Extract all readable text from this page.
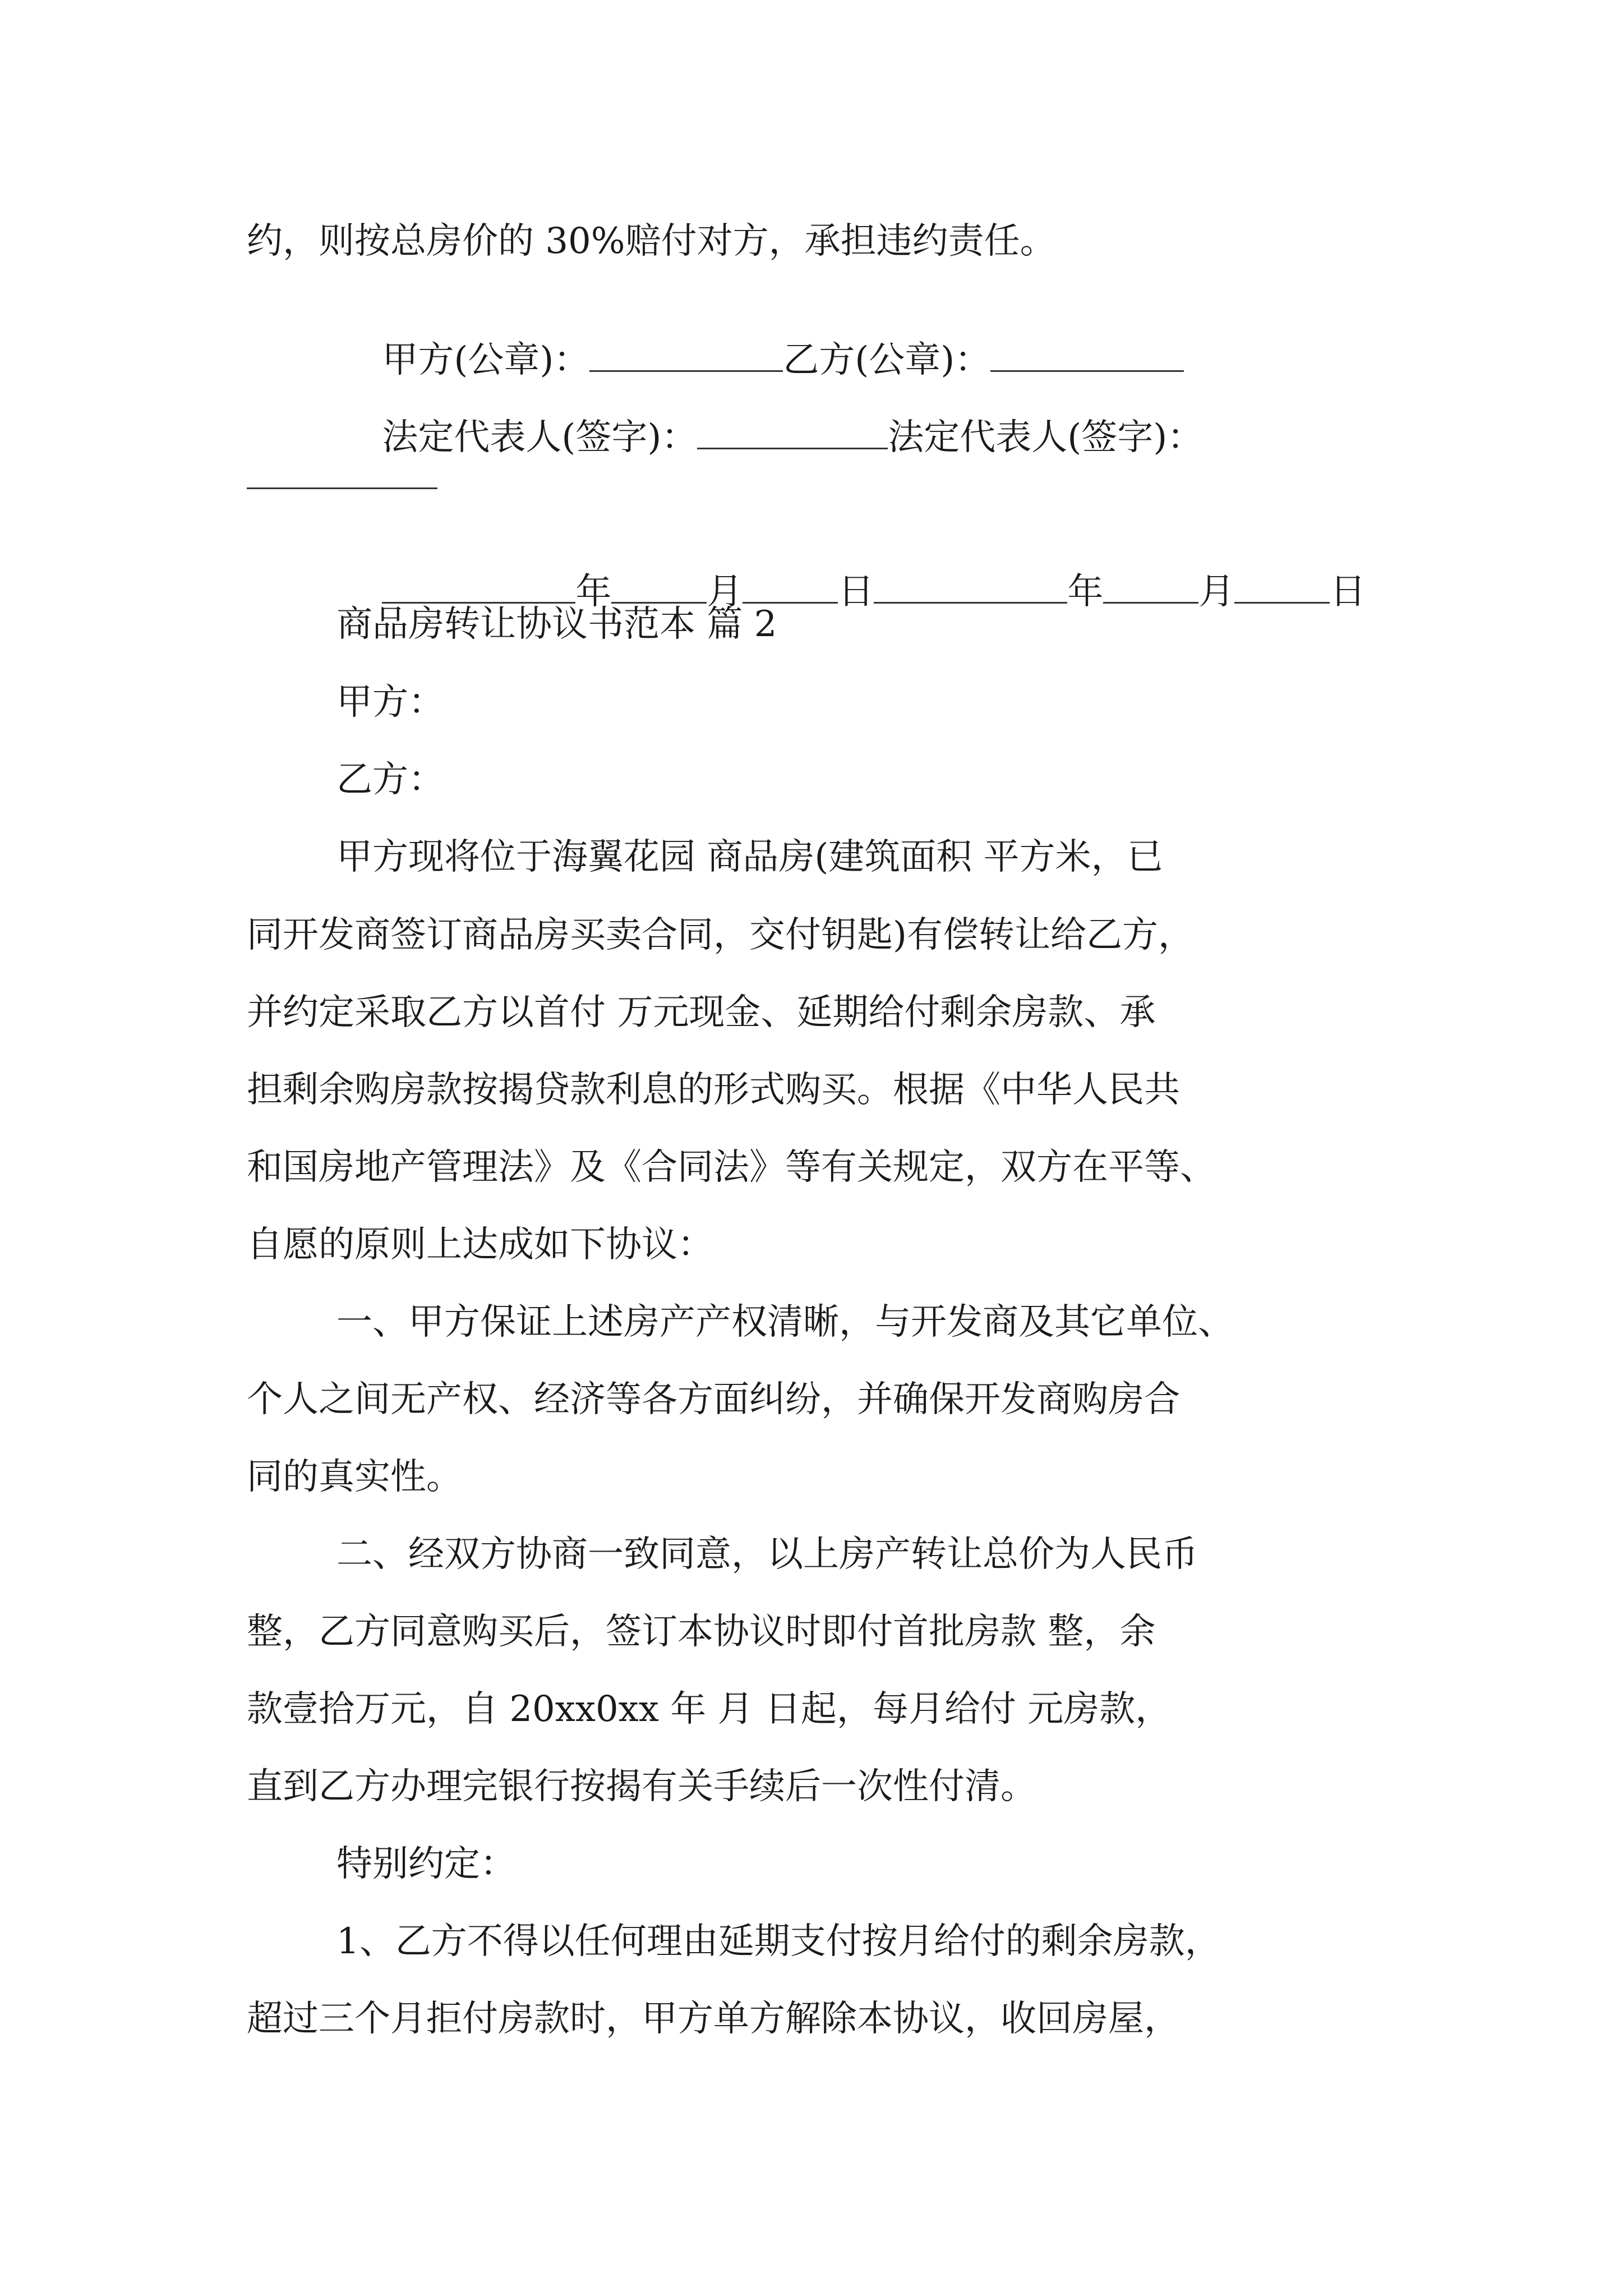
约，则按总房价的 30%赔付对方，承担违约责任。

甲方(公章)：	乙方(公章)：

法定代表人(签字)：	法定代表人(签字)：

年	月	日	年	月	日

商品房转让协议书范本 篇 2

甲方：

乙方：

甲方现将位于海翼花园 商品房(建筑面积 平方米，已

同开发商签订商品房买卖合同，交付钥匙)有偿转让给乙方，

并约定采取乙方以首付 万元现金、延期给付剩余房款、承

担剩余购房款按揭贷款利息的形式购买。根据《中华人民共

和国房地产管理法》及《合同法》等有关规定，双方在平等、

自愿的原则上达成如下协议：

一、甲方保证上述房产产权清晰，与开发商及其它单位、

个人之间无产权、经济等各方面纠纷，并确保开发商购房合

同的真实性。

二、经双方协商一致同意，以上房产转让总价为人民币

整，乙方同意购买后，签订本协议时即付首批房款 整，余

款壹拾万元，自 20xx0xx 年 月 日起，每月给付 元房款，

直到乙方办理完银行按揭有关手续后一次性付清。

特别约定：

1、乙方不得以任何理由延期支付按月给付的剩余房款，

超过三个月拒付房款时，甲方单方解除本协议，收回房屋，
